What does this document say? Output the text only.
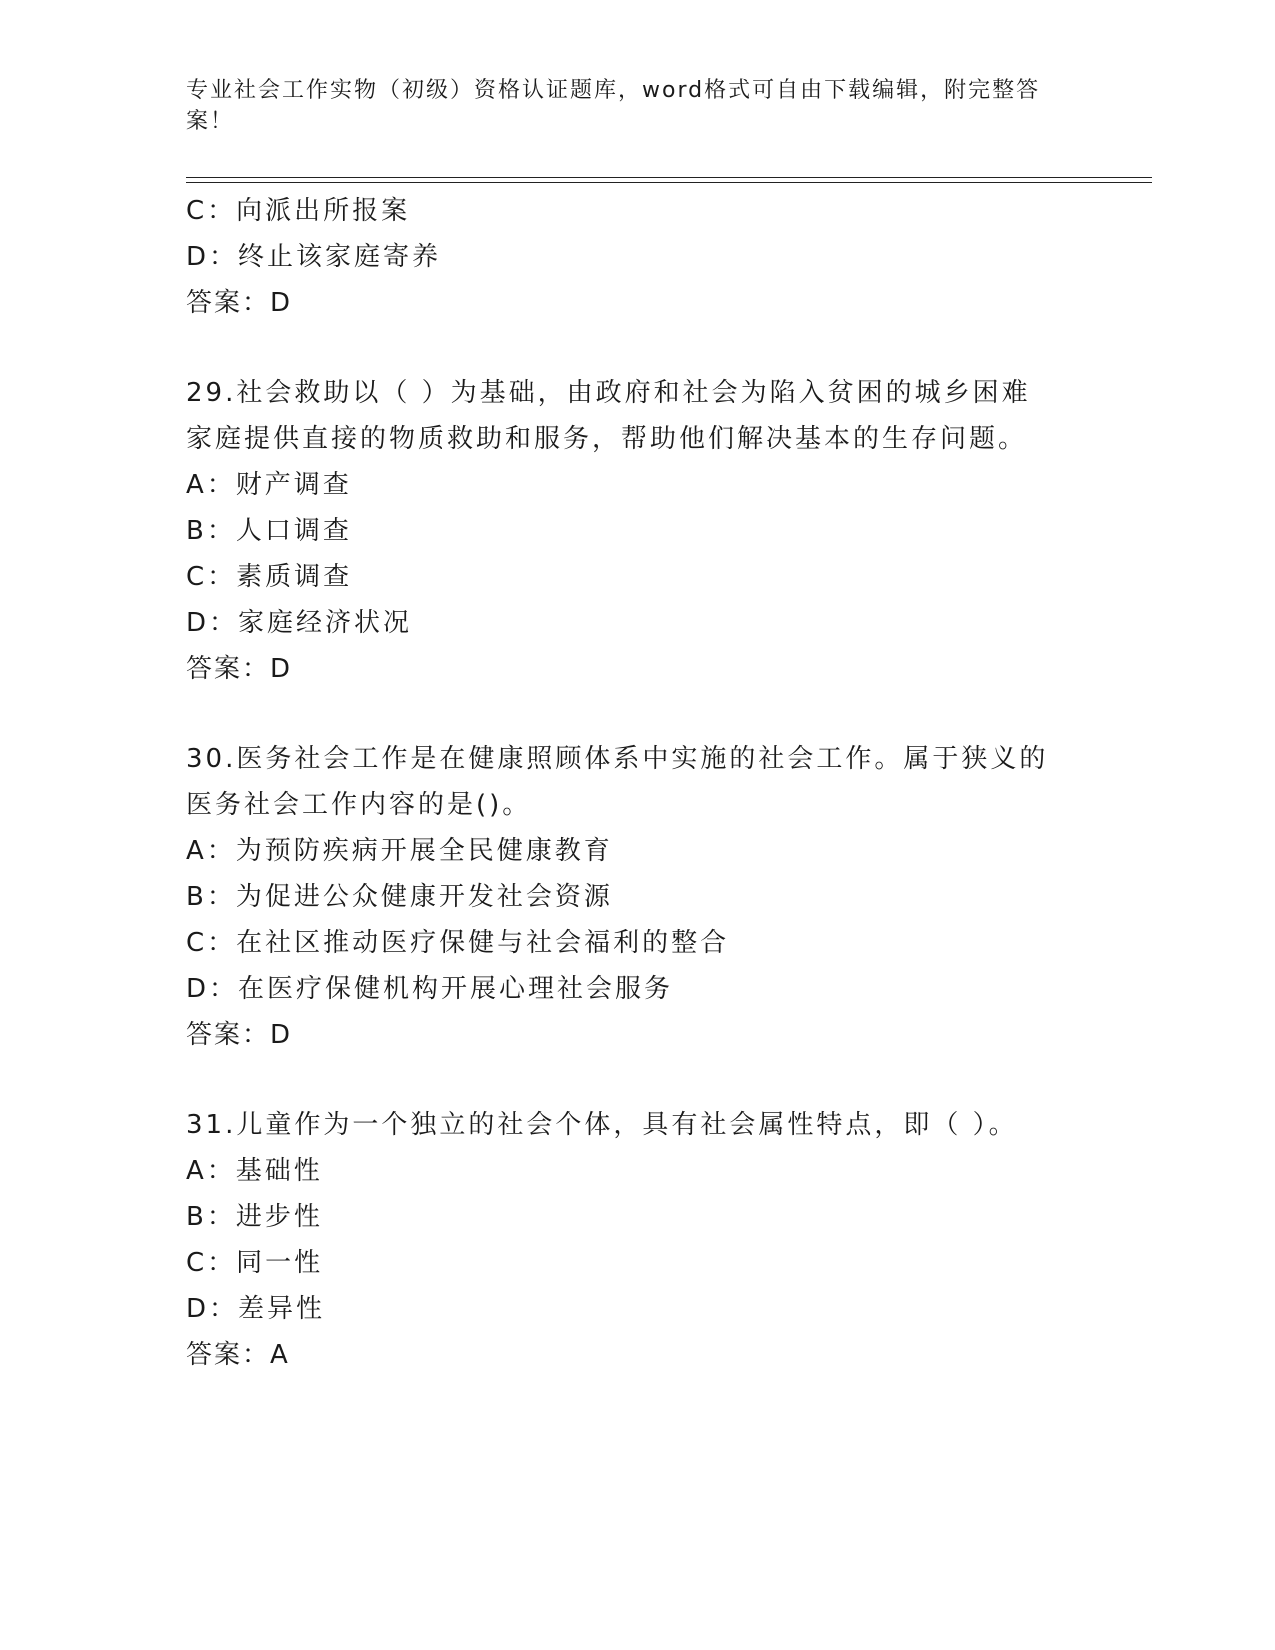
专业社会工作实物（初级）资格认证题库，word格式可自由下载编辑，附完整答案！
C：向派出所报案
D：终止该家庭寄养
答案：D
29.社会救助以（ ）为基础，由政府和社会为陷入贫困的城乡困难家庭提供直接的物质救助和服务，帮助他们解决基本的生存问题。
A：财产调查
B：人口调查
C：素质调查
D：家庭经济状况
答案：D
30.医务社会工作是在健康照顾体系中实施的社会工作。属于狭义的医务社会工作内容的是()。
A：为预防疾病开展全民健康教育
B：为促进公众健康开发社会资源
C：在社区推动医疗保健与社会福利的整合
D：在医疗保健机构开展心理社会服务
答案：D
31.儿童作为一个独立的社会个体，具有社会属性特点，即（ ）。
A：基础性
B：进步性
C：同一性
D：差异性
答案：A
